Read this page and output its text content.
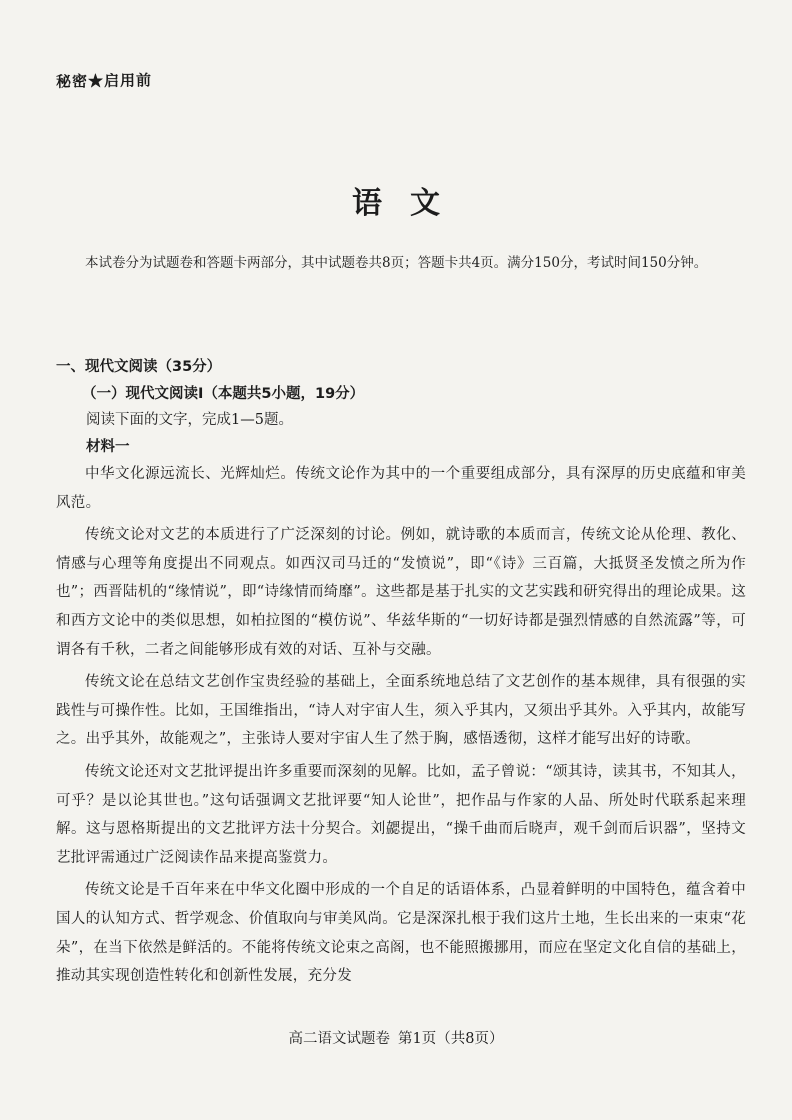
秘密★启用前
语 文

本试卷分为试题卷和答题卡两部分，其中试题卷共8页；答题卡共4页。满分150分，考试时间150分钟。

一、现代文阅读（35分）
（一）现代文阅读Ⅰ（本题共5小题，19分）
阅读下面的文字，完成1—5题。
材料一

中华文化源远流长、光辉灿烂。传统文论作为其中的一个重要组成部分，具有深厚的历史底蕴和审美风范。

传统文论对文艺的本质进行了广泛深刻的讨论。例如，就诗歌的本质而言，传统文论从伦理、教化、情感与心理等角度提出不同观点。如西汉司马迁的“发愤说”，即“《诗》三百篇，大抵贤圣发愤之所为作也”；西晋陆机的“缘情说”，即“诗缘情而绮靡”。这些都是基于扎实的文艺实践和研究得出的理论成果。这和西方文论中的类似思想，如柏拉图的“模仿说”、华兹华斯的“一切好诗都是强烈情感的自然流露”等，可谓各有千秋，二者之间能够形成有效的对话、互补与交融。

传统文论在总结文艺创作宝贵经验的基础上，全面系统地总结了文艺创作的基本规律，具有很强的实践性与可操作性。比如，王国维指出，“诗人对宇宙人生，须入乎其内，又须出乎其外。入乎其内，故能写之。出乎其外，故能观之”，主张诗人要对宇宙人生了然于胸，感悟透彻，这样才能写出好的诗歌。

传统文论还对文艺批评提出许多重要而深刻的见解。比如，孟子曾说：“颂其诗，读其书，不知其人，可乎？是以论其世也。”这句话强调文艺批评要“知人论世”，把作品与作家的人品、所处时代联系起来理解。这与恩格斯提出的文艺批评方法十分契合。刘勰提出，“操千曲而后晓声，观千剑而后识器”，坚持文艺批评需通过广泛阅读作品来提高鉴赏力。

传统文论是千百年来在中华文化圈中形成的一个自足的话语体系，凸显着鲜明的中国特色，蕴含着中国人的认知方式、哲学观念、价值取向与审美风尚。它是深深扎根于我们这片土地，生长出来的一束束“花朵”，在当下依然是鲜活的。不能将传统文论束之高阁，也不能照搬挪用，而应在坚定文化自信的基础上，推动其实现创造性转化和创新性发展，充分发

高二语文试题卷 第1页（共8页）
